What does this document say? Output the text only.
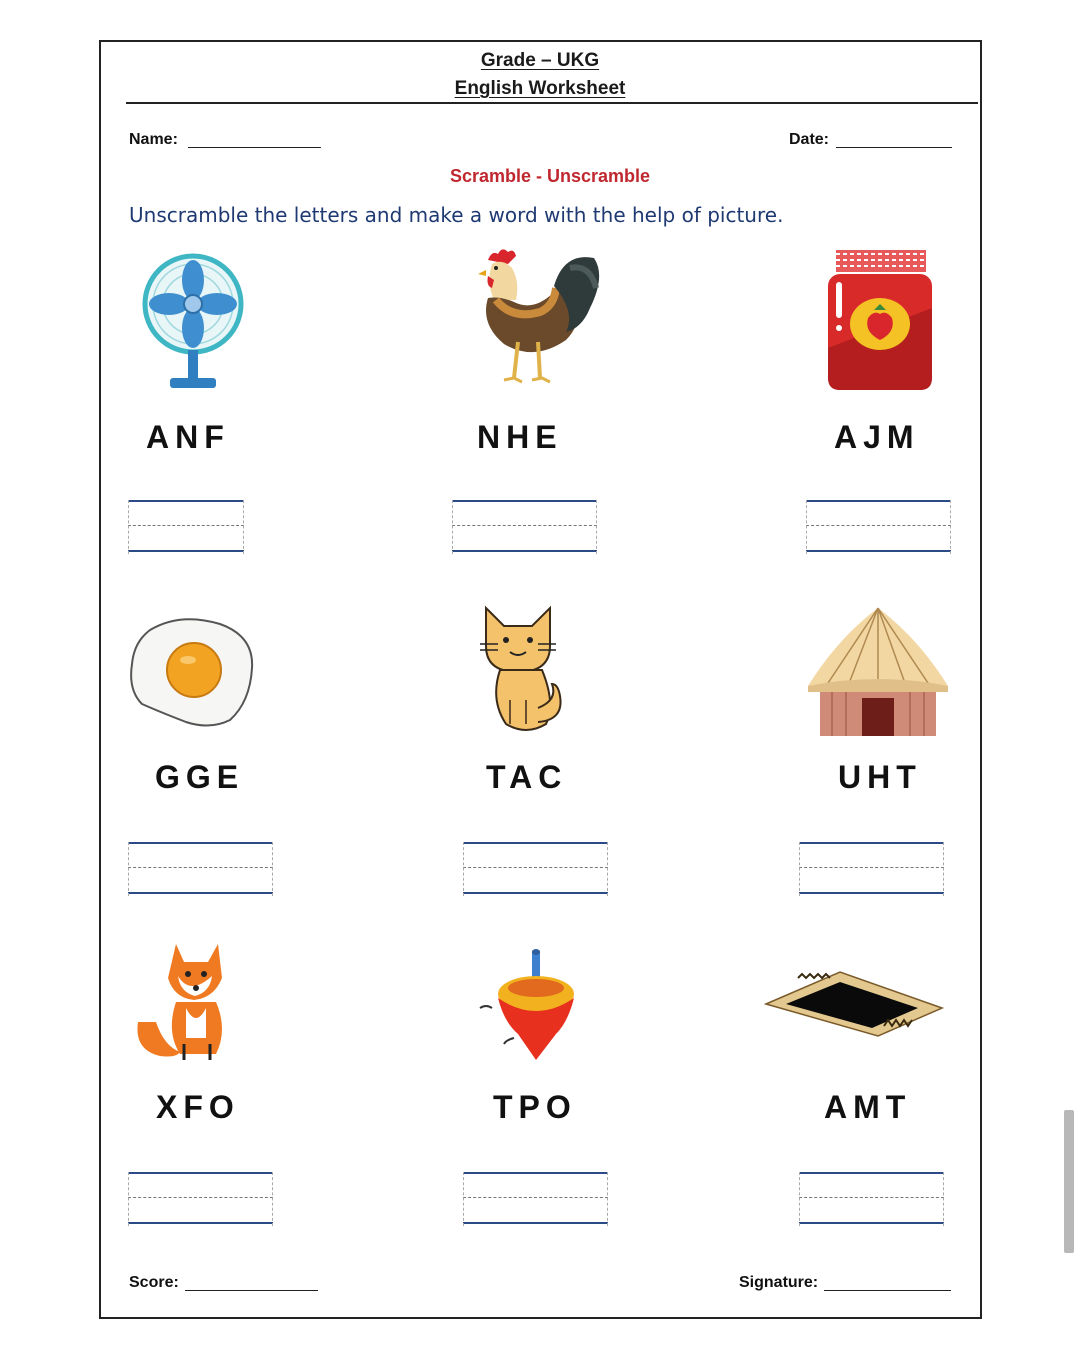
Grade – UKG
English Worksheet
Name:	Date:
Scramble - Unscramble
Unscramble the letters and make a word with the help of picture.
ANF	NHE	AJM
GGE	TAC	UHT
XFO	TPO	AMT
Score:	Signature:
